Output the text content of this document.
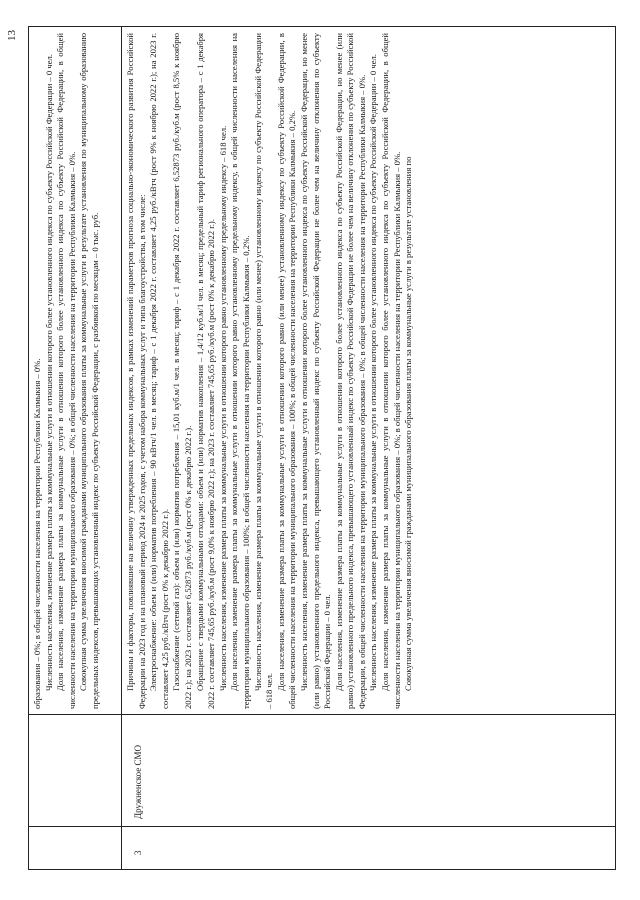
13

образования – 0%; в общей численности населения на территории Республики Калмыкия – 0%. Численность населения, изменение размера платы за коммунальные услуги в отношении которого более установленного индекса по субъекту Российской Федерации – 0 чел. Доля населения, изменение размера платы за коммунальные услуги в отношении которого более установленного индекса по субъекту Российской Федерации, в общей численности населения на территории муниципального образования – 0%; в общей численности населения на территории Республики Калмыкия – 0%. Совокупная сумма увеличения вносимой гражданами муниципального образования платы за коммунальные услуги в результате установления по муниципальному образованию предельных индексов, превышающих установленный индекс по субъекту Российской Федерации, с разбивкой по месяцам – 0 тыс. руб.

3
Дружненское СМО

Причины и факторы, повлиявшие на величину утвержденных предельных индексов, в рамках изменений параметров прогноза социально-экономического развития Российской Федерации на 2023 год и на плановый период 2024 и 2025 годов, с учетом набора коммунальных услуг и типа благоустройства, в том числе: Электроснабжение: объем и (или) норматив потребления – 90 кВтч/1 чел. в месяц; тариф – с 1 декабря 2022 г. составляет 4,25 руб./кВтч (рост 9% к ноябрю 2022 г.); на 2023 г. составляет 4,25 руб./кВтч (рост 0% к декабрю 2022 г.). Газоснабжение (сетевой газ): объем и (или) норматив потребления – 15,01 куб.м/1 чел. в месяц; тариф – с 1 декабря 2022 г. составляет 6,52873 руб./куб.м (рост 8,5% к ноябрю 2022 г.); на 2023 г. составляет 6,52873 руб./куб.м (рост 0% к декабрю 2022 г.). Обращение с твердыми коммунальными отходами: объем и (или) норматив накопления – 1,4/12 куб.м/1 чел. в месяц; предельный тариф регионального оператора – с 1 декабря 2022 г. составляет 745,65 руб./куб.м (рост 9,0% к ноябрю 2022 г.); на 2023 г. составляет 745,65 руб./куб.м (рост 0% к декабрю 2022 г.). Численность населения, изменение размера платы за коммунальные услуги в отношении которого равно установленному предельному индексу – 618 чел. Доля населения, изменение размера платы за коммунальные услуги в отношении которого равно установленному предельному индексу, в общей численности населения на территории муниципального образования – 100%; в общей численности населения на территории Республики Калмыкия – 0,2%. Численность населения, изменение размера платы за коммунальные услуги в отношении которого равно (или менее) установленному индексу по субъекту Российской Федерации – 618 чел. Доля населения, изменение размера платы за коммунальные услуги в отношении которого равно (или менее) установленному индексу по субъекту Российской Федерации, в общей численности населения на территории муниципального образования – 100%; в общей численности населения на территории Республики Калмыкия – 0,2%. Численность населения, изменение размера платы за коммунальные услуги в отношении которого более установленного индекса по субъекту Российской Федерации, но менее (или равно) установленного предельного индекса, превышающего установленный индекс по субъекту Российской Федерации не более чем на величину отклонения по субъекту Российской Федерации – 0 чел. Доля населения, изменение размера платы за коммунальные услуги в отношении которого более установленного индекса по субъекту Российской Федерации, но менее (или равно) установленного предельного индекса, превышающего установленный индекс по субъекту Российской Федерации не более чем на величину отклонения по субъекту Российской Федерации, в общей численности населения на территории муниципального образования – 0%; в общей численности населения на территории Республики Калмыкия – 0%. Численность населения, изменение размера платы за коммунальные услуги в отношении которого более установленного индекса по субъекту Российской Федерации – 0 чел. Доля населения, изменение размера платы за коммунальные услуги в отношении которого более установленного индекса по субъекту Российской Федерации, в общей численности населения на территории муниципального образования – 0%; в общей численности населения на территории Республики Калмыкия – 0%. Совокупная сумма увеличения вносимой гражданами муниципального образования платы за коммунальные услуги в результате установления по
